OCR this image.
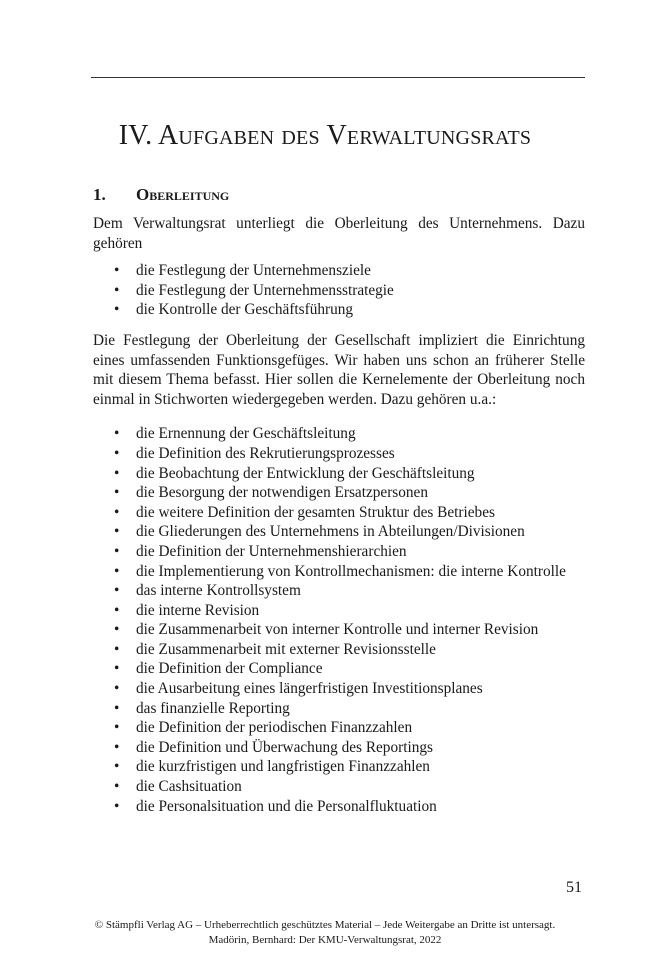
IV. Aufgaben des Verwaltungsrats
1. Oberleitung

Dem Verwaltungsrat unterliegt die Oberleitung des Unternehmens. Dazu gehören

• die Festlegung der Unternehmensziele
• die Festlegung der Unternehmensstrategie
• die Kontrolle der Geschäftsführung

Die Festlegung der Oberleitung der Gesellschaft impliziert die Einrichtung eines umfassenden Funktionsgefüges. Wir haben uns schon an früherer Stelle mit diesem Thema befasst. Hier sollen die Kernelemente der Oberleitung noch einmal in Stichworten wiedergegeben werden. Dazu gehören u.a.:

• die Ernennung der Geschäftsleitung
• die Definition des Rekrutierungsprozesses
• die Beobachtung der Entwicklung der Geschäftsleitung
• die Besorgung der notwendigen Ersatzpersonen
• die weitere Definition der gesamten Struktur des Betriebes
• die Gliederungen des Unternehmens in Abteilungen/Divisionen
• die Definition der Unternehmenshierarchien
• die Implementierung von Kontrollmechanismen: die interne Kontrolle
• das interne Kontrollsystem
• die interne Revision
• die Zusammenarbeit von interner Kontrolle und interner Revision
• die Zusammenarbeit mit externer Revisionsstelle
• die Definition der Compliance
• die Ausarbeitung eines längerfristigen Investitionsplanes
• das finanzielle Reporting
• die Definition der periodischen Finanzzahlen
• die Definition und Überwachung des Reportings
• die kurzfristigen und langfristigen Finanzzahlen
• die Cashsituation
• die Personalsituation und die Personalfluktuation
51
© Stämpfli Verlag AG – Urheberrechtlich geschütztes Material – Jede Weitergabe an Dritte ist untersagt.
Madörin, Bernhard: Der KMU-Verwaltungsrat, 2022
